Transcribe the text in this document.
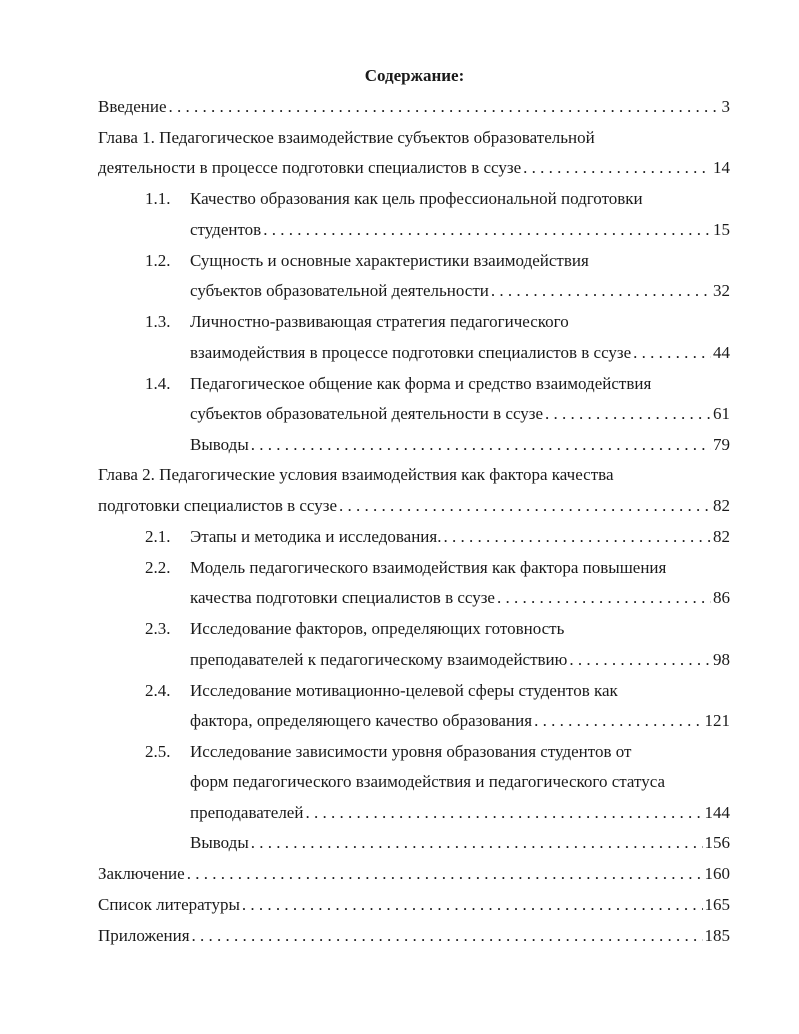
Содержание:
Введение . . .	3
Глава 1. Педагогическое взаимодействие субъектов образовательной
деятельности в процессе подготовки специалистов в ссузе . . .	14
1.1. Качество образования как цель профессиональной подготовки
студентов . . .	15
1.2. Сущность и основные характеристики взаимодействия
субъектов образовательной деятельности . . .	32
1.3. Личностно-развивающая стратегия педагогического
взаимодействия в процессе подготовки специалистов в ссузе . . .	44
1.4. Педагогическое общение как форма и средство взаимодействия
субъектов образовательной деятельности в ссузе . . .	61
Выводы . . .	79
Глава 2. Педагогические условия взаимодействия как фактора качества
подготовки специалистов в ссузе . . .	82
2.1. Этапы и методика и исследования. . . .	82
2.2. Модель педагогического взаимодействия как фактора повышения
качества подготовки специалистов в ссузе . . .	86
2.3. Исследование факторов, определяющих готовность
преподавателей к педагогическому взаимодействию . . .	98
2.4. Исследование мотивационно-целевой сферы студентов как
фактора, определяющего качество образования . . .	121
2.5. Исследование зависимости уровня образования студентов от
форм педагогического взаимодействия и педагогического статуса
преподавателей . . .	144
Выводы . . .	156
Заключение . . .	160
Список литературы . . .	165
Приложения . . .	185
